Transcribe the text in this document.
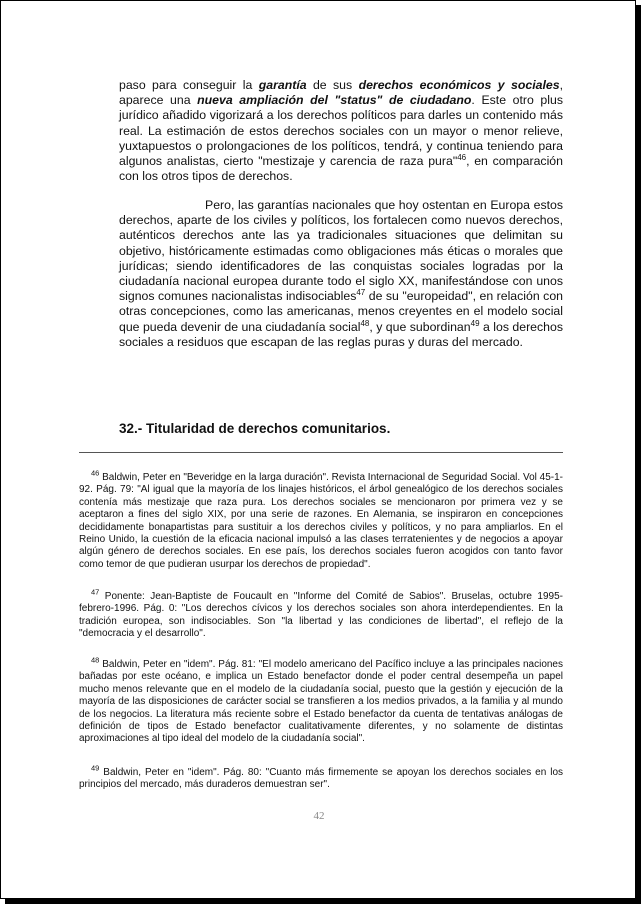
paso para conseguir la garantía de sus derechos económicos y sociales, aparece una nueva ampliación del "status" de ciudadano. Este otro plus jurídico añadido vigorizará a los derechos políticos para darles un contenido más real. La estimación de estos derechos sociales con un mayor o menor relieve, yuxtapuestos o prolongaciones de los políticos, tendrá, y continua teniendo para algunos analistas, cierto "mestizaje y carencia de raza pura"$^{46}$, en comparación con los otros tipos de derechos.

Pero, las garantías nacionales que hoy ostentan en Europa estos derechos, aparte de los civiles y políticos, los fortalecen como nuevos derechos, auténticos derechos ante las ya tradicionales situaciones que delimitan su objetivo, históricamente estimadas como obligaciones más éticas o morales que jurídicas; siendo identificadores de las conquistas sociales logradas por la ciudadanía nacional europea durante todo el siglo XX, manifestándose con unos signos comunes nacionalistas indisociables$^{47}$ de su "europeidad", en relación con otras concepciones, como las americanas, menos creyentes en el modelo social que pueda devenir de una ciudadanía social$^{48}$, y que subordinan$^{49}$ a los derechos sociales a residuos que escapan de las reglas puras y duras del mercado.

32.- Titularidad de derechos comunitarios.

$^{46}$ Baldwin, Peter en "Beveridge en la larga duración". Revista Internacional de Seguridad Social. Vol 45-1-92. Pág. 79: "Al igual que la mayoría de los linajes históricos, el árbol genealógico de los derechos sociales contenía más mestizaje que raza pura. Los derechos sociales se mencionaron por primera vez y se aceptaron a fines del siglo XIX, por una serie de razones. En Alemania, se inspiraron en concepciones decididamente bonapartistas para sustituir a los derechos civiles y políticos, y no para ampliarlos. En el Reino Unido, la cuestión de la eficacia nacional impulsó a las clases terratenientes y de negocios a apoyar algún género de derechos sociales. En ese país, los derechos sociales fueron acogidos con tanto favor como temor de que pudieran usurpar los derechos de propiedad".

$^{47}$ Ponente: Jean-Baptiste de Foucault en "Informe del Comité de Sabios". Bruselas, octubre 1995-febrero-1996. Pág. 0: "Los derechos cívicos y los derechos sociales son ahora interdependientes. En la tradición europea, son indisociables. Son "la libertad y las condiciones de libertad", el reflejo de la "democracia y el desarrollo".

$^{48}$ Baldwin, Peter en "idem". Pág. 81: "El modelo americano del Pacífico incluye a las principales naciones bañadas por este océano, e implica un Estado benefactor donde el poder central desempeña un papel mucho menos relevante que en el modelo de la ciudadanía social, puesto que la gestión y ejecución de la mayoría de las disposiciones de carácter social se transfieren a los medios privados, a la familia y al mundo de los negocios. La literatura más reciente sobre el Estado benefactor da cuenta de tentativas análogas de definición de tipos de Estado benefactor cualitativamente diferentes, y no solamente de distintas aproximaciones al tipo ideal del modelo de la ciudadanía social".

$^{49}$ Baldwin, Peter en "idem". Pág. 80: "Cuanto más firmemente se apoyan los derechos sociales en los principios del mercado, más duraderos demuestran ser".

42
